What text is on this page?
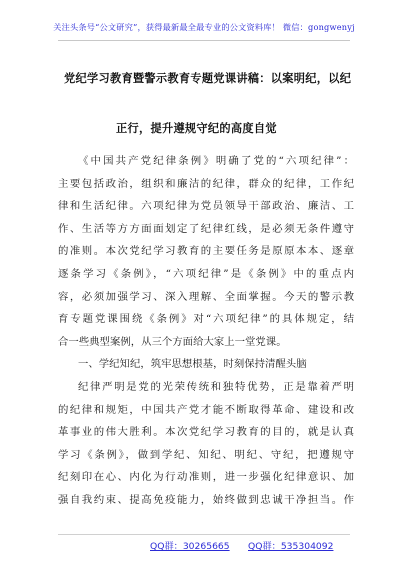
关注头条号“公文研究”，获得最新最全最专业的公文资料库！ 微信：gongwenyj
党纪学习教育暨警示教育专题党课讲稿：以案明纪，以纪
正行，提升遵规守纪的高度自觉
《中国共产党纪律条例》明确了党的“六项纪律”：
主要包括政治，组织和廉洁的纪律，群众的纪律，工作纪
律和生活纪律。六项纪律为党员领导干部政治、廉洁、工
作、生活等方方面面划定了纪律红线，是必须无条件遵守
的准则。本次党纪学习教育的主要任务是原原本本、逐章
逐条学习《条例》，“六项纪律”是《条例》中的重点内
容，必须加强学习、深入理解、全面掌握。今天的警示教
育专题党课围绕《条例》对“六项纪律”的具体规定，结
合一些典型案例，从三个方面给大家上一堂党课。
一、学纪知纪，筑牢思想根基，时刻保持清醒头脑
纪律严明是党的光荣传统和独特优势，正是靠着严明
的纪律和规矩，中国共产党才能不断取得革命、建设和改
革事业的伟大胜利。本次党纪学习教育的目的，就是认真
学习《条例》，做到学纪、知纪、明纪、守纪，把遵规守
纪刻印在心、内化为行动准则，进一步强化纪律意识、加
强自我约束、提高免疫能力，始终做到忠诚干净担当。作
QQ群：30265665 QQ群：535304092
